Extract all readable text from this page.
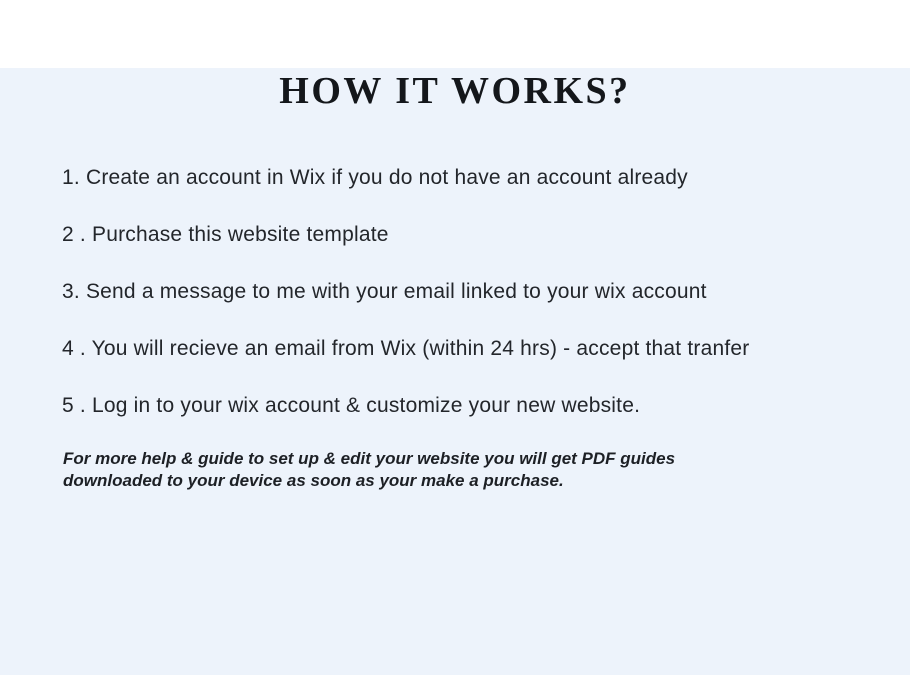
HOW IT WORKS?
1. Create an account in Wix if you do not have an account already
2 . Purchase this website template
3. Send a message to me with your email linked to your wix account
4 . You will recieve an email from Wix (within 24 hrs) - accept that tranfer
5 . Log in to your wix account & customize your new website.
For more help & guide to set up & edit your website you will get PDF guides
downloaded to your device as soon as your make a purchase.
